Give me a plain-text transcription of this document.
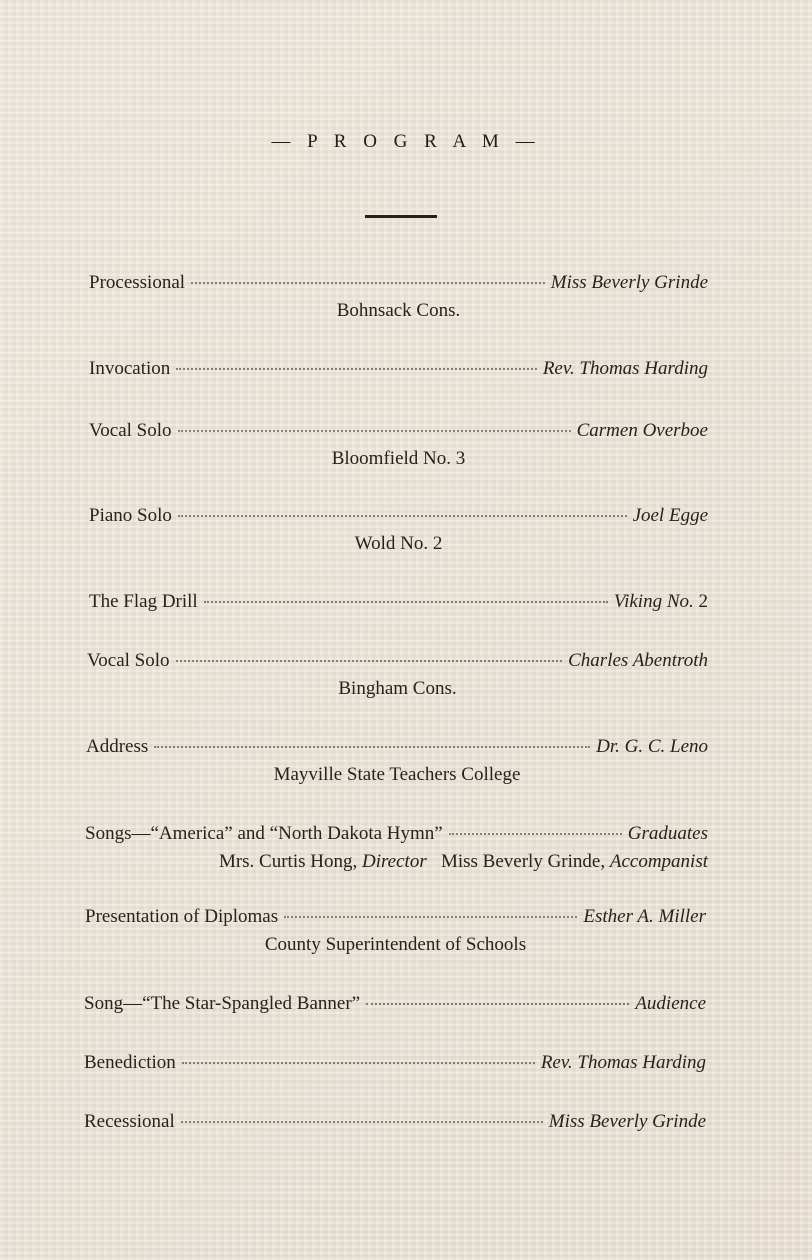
— P R O G R A M —
Processional	Miss Beverly Grinde
Bohnsack Cons.
Invocation	Rev. Thomas Harding
Vocal Solo	Carmen Overboe
Bloomfield No. 3
Piano Solo	Joel Egge
Wold No. 2
The Flag Drill	Viking No. 2
Vocal Solo	Charles Abentroth
Bingham Cons.
Address	Dr. G. C. Leno
Mayville State Teachers College
Songs—“America” and “North Dakota Hymn”	Graduates
Mrs. Curtis Hong, Director Miss Beverly Grinde, Accompanist
Presentation of Diplomas	Esther A. Miller
County Superintendent of Schools
Song—“The Star-Spangled Banner”	Audience
Benediction	Rev. Thomas Harding
Recessional	Miss Beverly Grinde
